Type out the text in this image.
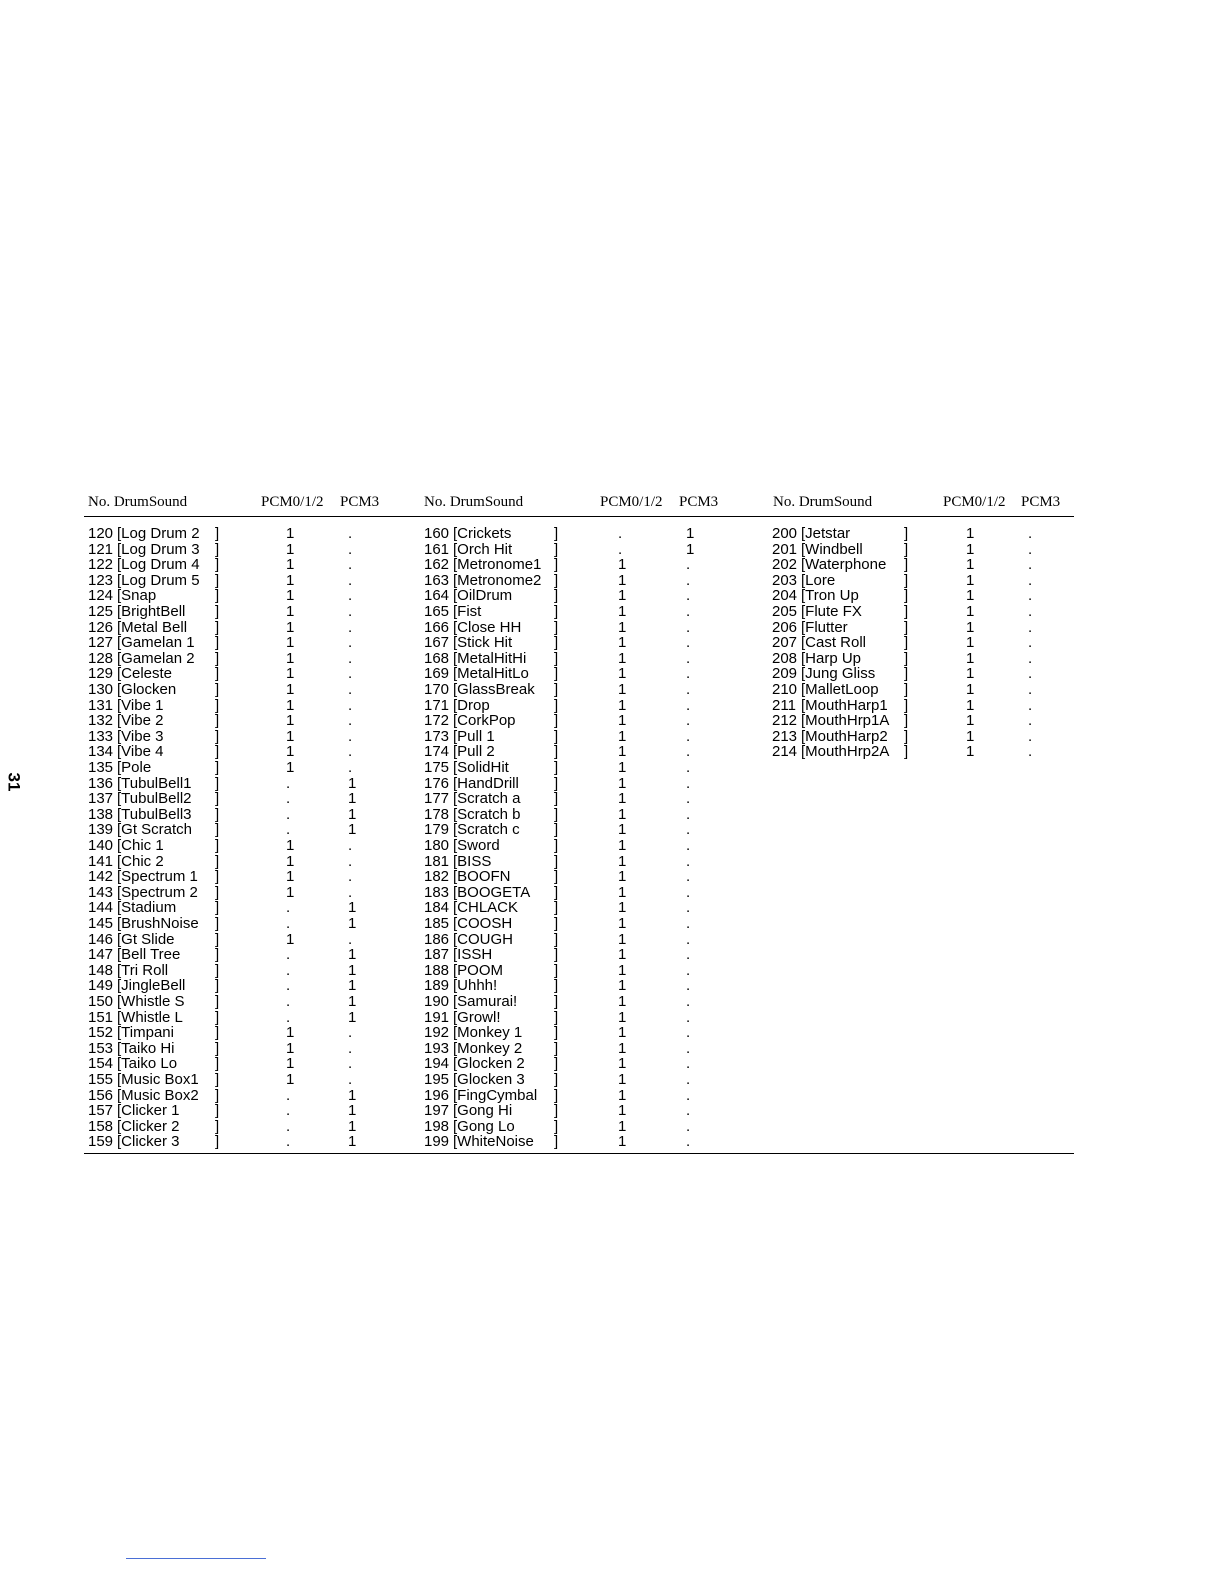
31
No. DrumSound	PCM0/1/2 PCM3	No. DrumSound	PCM0/1/2 PCM3	No. DrumSound	PCM0/1/2 PCM3
120 [Log Drum 2 ]	1	.
121 [Log Drum 3 ]	1	.
122 [Log Drum 4 ]	1	.
123 [Log Drum 5 ]	1	.
124 [Snap	]	1	.
125 [BrightBell ]	1	.
126 [Metal Bell ]	1	.
127 [Gamelan 1 ]	1	.
128 [Gamelan 2 ]	1	.
129 [Celeste	]	1	.
130 [Glocken	]	1	.
131 [Vibe 1	]	1	.
132 [Vibe 2	]	1	.
133 [Vibe 3	]	1	.
134 [Vibe 4	]	1	.
135 [Pole	]	1	.
136 [TubulBell1 ]	.	1
137 [TubulBell2 ]	.	1
138 [TubulBell3 ]	.	1
139 [Gt Scratch ]	.	1
140 [Chic 1	]	1	.
141 [Chic 2	]	1	.
142 [Spectrum 1 ]	1	.
143 [Spectrum 2 ]	1	.
144 [Stadium	]	.	1
145 [BrushNoise ]	.	1
146 [Gt Slide	]	1	.
147 [Bell Tree ]	.	1
148 [Tri Roll	]	.	1
149 [JingleBell ]	.	1
150 [Whistle S ]	.	1
151 [Whistle L ]	.	1
152 [Timpani	]	1	.
153 [Taiko Hi	]	1	.
154 [Taiko Lo	]	1	.
155 [Music Box1 ]	1	.
156 [Music Box2 ]	.	1
157 [Clicker 1 ]	.	1
158 [Clicker 2 ]	.	1
159 [Clicker 3 ]	.	1
160 [Crickets	]	.	1
161 [Orch Hit	]	.	1
162 [Metronome1 ]	1	.
163 [Metronome2 ]	1	.
164 [OilDrum	]	1	.
165 [Fist	]	1	.
166 [Close HH ]	1	.
167 [Stick Hit	]	1	.
168 [MetalHitHi ]	1	.
169 [MetalHitLo ]	1	.
170 [GlassBreak ]	1	.
171 [Drop	]	1	.
172 [CorkPop	]	1	.
173 [Pull 1	]	1	.
174 [Pull 2	]	1	.
175 [SolidHit	]	1	.
176 [HandDrill ]	1	.
177 [Scratch a ]	1	.
178 [Scratch b ]	1	.
179 [Scratch c ]	1	.
180 [Sword	]	1	.
181 [BISS	]	1	.
182 [BOOFN	]	1	.
183 [BOOGETA ]	1	.
184 [CHLACK ]	1	.
185 [COOSH	]	1	.
186 [COUGH	]	1	.
187 [ISSH	]	1	.
188 [POOM	]	1	.
189 [Uhhh!	]	1	.
190 [Samurai! ]	1	.
191 [Growl!	]	1	.
192 [Monkey 1 ]	1	.
193 [Monkey 2 ]	1	.
194 [Glocken 2 ]	1	.
195 [Glocken 3 ]	1	.
196 [FingCymbal ]	1	.
197 [Gong Hi	]	1	.
198 [Gong Lo	]	1	.
199 [WhiteNoise ]	1	.
200 [Jetstar	]	1	.
201 [Windbell	]	1	.
202 [Waterphone ]	1	.
203 [Lore	]	1	.
204 [Tron Up	]	1	.
205 [Flute FX	]	1	.
206 [Flutter	]	1	.
207 [Cast Roll	]	1	.
208 [Harp Up	]	1	.
209 [Jung Gliss ]	1	.
210 [MalletLoop ]	1	.
211 [MouthHarp1 ]	1	.
212 [MouthHrp1A ]	1	.
213 [MouthHarp2 ]	1	.
214 [MouthHrp2A ]	1	.
